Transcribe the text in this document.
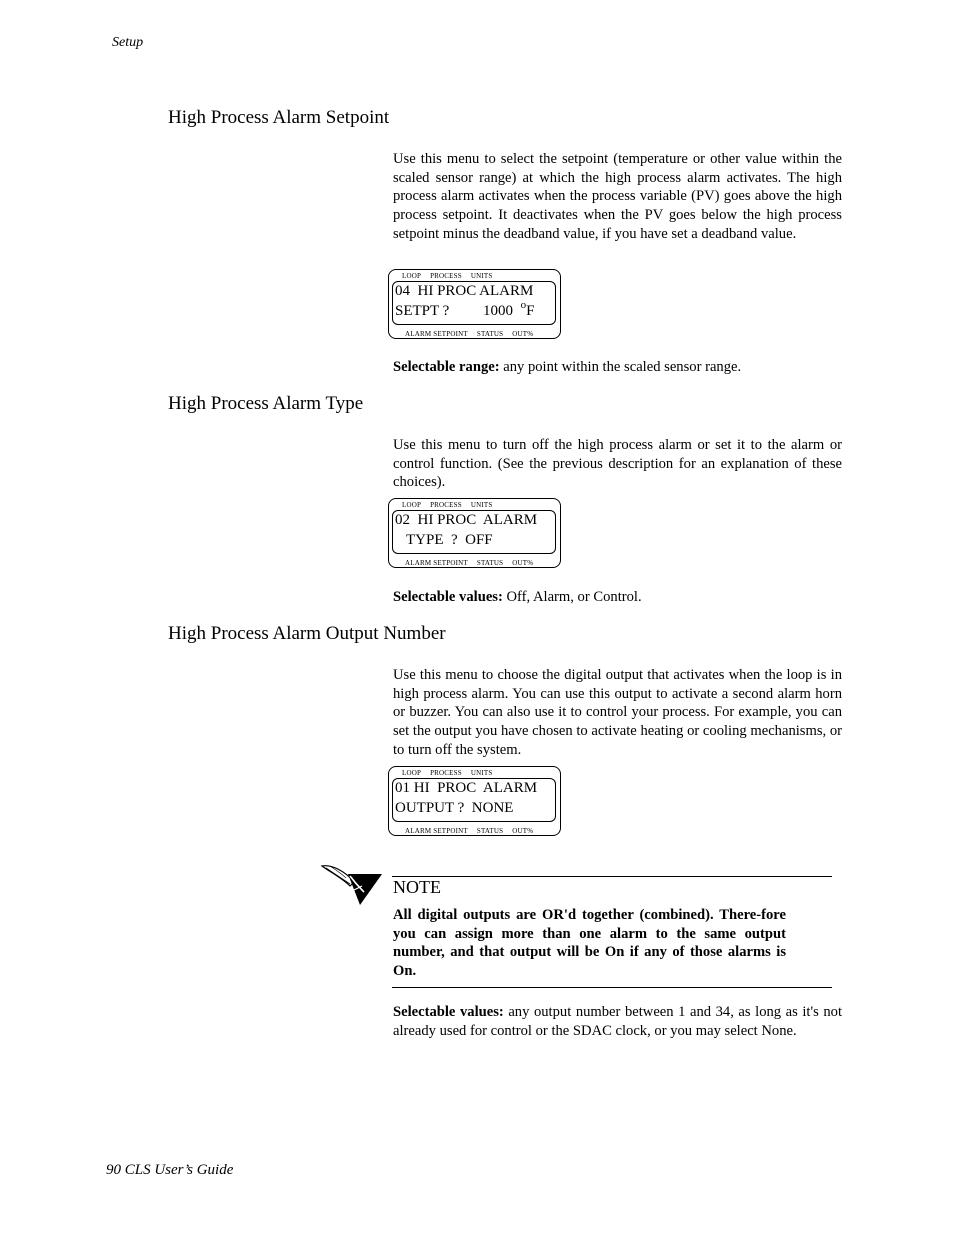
Setup
High Process Alarm Setpoint
Use this menu to select the setpoint (temperature or other value within the scaled sensor range) at which the high process alarm activates. The high process alarm activates when the process variable (PV) goes above the high process setpoint. It deactivates when the PV goes below the high process setpoint minus the deadband value, if you have set a deadband value.
LOOP PROCESS UNITS
04  HI PROC ALARM
SETPT ?         1000 $^o$F
ALARM SETPOINT STATUS OUT%
Selectable range: any point within the scaled sensor range.
High Process Alarm Type
Use this menu to turn off the high process alarm or set it to the alarm or control function. (See the previous description for an explanation of these choices).
LOOP PROCESS UNITS
02  HI PROC  ALARM
TYPE  ?  OFF
ALARM SETPOINT STATUS OUT%
Selectable values: Off, Alarm, or Control.
High Process Alarm Output Number
Use this menu to choose the digital output that activates when the loop is in high process alarm. You can use this output to activate a second alarm horn or buzzer. You can also use it to control your process. For example, you can set the output you have chosen to activate heating or cooling mechanisms, or to turn off the system.
LOOP PROCESS UNITS
01 HI  PROC  ALARM
OUTPUT ?  NONE
ALARM SETPOINT STATUS OUT%
NOTE
All digital outputs are OR'd together (combined). There-fore you can assign more than one alarm to the same output number, and that output will be On if any of those alarms is On.
Selectable values: any output number between 1 and 34, as long as it's not already used for control or the SDAC clock, or you may select None.
90 CLS User’s Guide
